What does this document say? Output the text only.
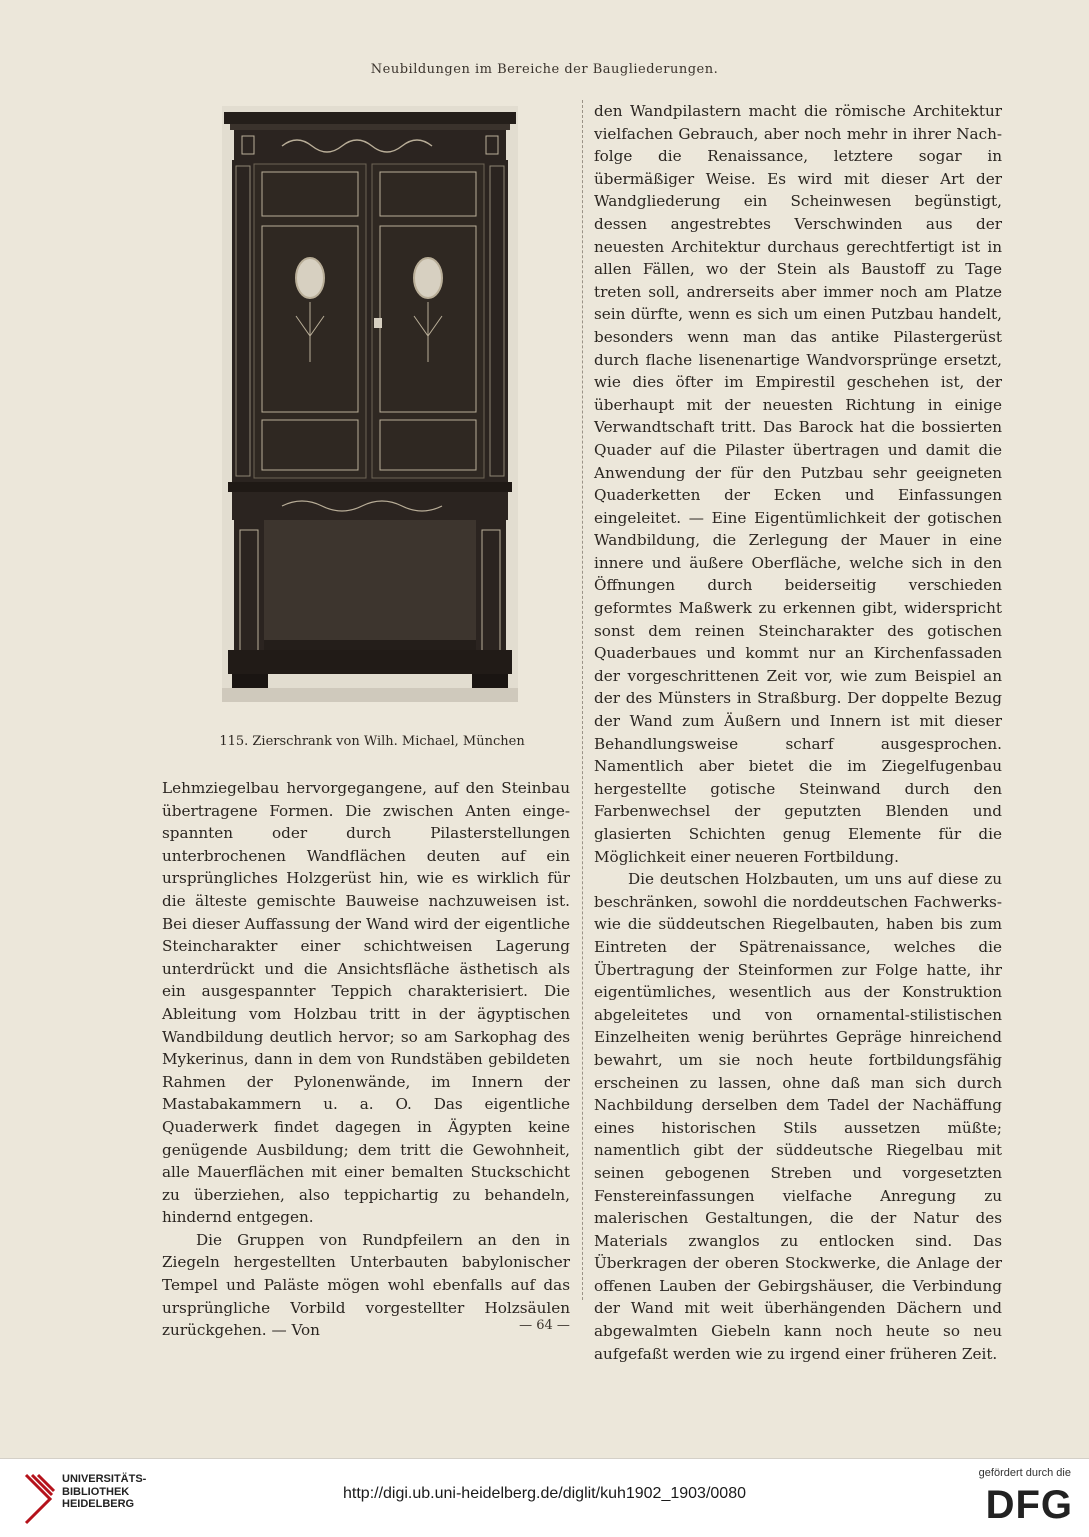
Neubildungen im Bereiche der Baugliederungen.
115. Zierschrank von Wilh. Michael, München

Lehmziegelbau hervorgegangene, auf den Steinbau übertragene Formen. Die zwischen Anten eingespannten oder durch Pilasterstellungen unterbrochenen Wandflächen deuten auf ein ursprüngliches Holzgerüst hin, wie es wirklich für die älteste gemischte Bauweise nachzuweisen ist. Bei dieser Auffassung der Wand wird der eigentliche Steincharakter einer schichtweisen Lagerung unterdrückt und die Ansichtsfläche ästhetisch als ein ausgespannter Teppich charakterisiert. Die Ableitung vom Holzbau tritt in der ägyptischen Wandbildung deutlich hervor; so am Sarkophag des Mykerinus, dann in dem von Rundstäben gebildeten Rahmen der Pylonenwände, im Innern der Mastabakammern u. a. O. Das eigentliche Quaderwerk findet dagegen in Ägypten keine genügende Ausbildung; dem tritt die Gewohnheit, alle Mauerflächen mit einer bemalten Stuckschicht zu überziehen, also teppichartig zu behandeln, hindernd entgegen.

Die Gruppen von Rundpfeilern an den in Ziegeln hergestellten Unterbauten babylonischer Tempel und Paläste mögen wohl ebenfalls auf das ursprüngliche Vorbild vorgestellter Holzsäulen zurückgehen. — Von

den Wandpilastern macht die römische Architektur vielfachen Gebrauch, aber noch mehr in ihrer Nachfolge die Renaissance, letztere sogar in übermäßiger Weise. Es wird mit dieser Art der Wandgliederung ein Scheinwesen begünstigt, dessen angestrebtes Verschwinden aus der neuesten Architektur durchaus gerechtfertigt ist in allen Fällen, wo der Stein als Baustoff zu Tage treten soll, andrerseits aber immer noch am Platze sein dürfte, wenn es sich um einen Putzbau handelt, besonders wenn man das antike Pilastergerüst durch flache lisenenartige Wandvorsprünge ersetzt, wie dies öfter im Empirestil geschehen ist, der überhaupt mit der neuesten Richtung in einige Verwandtschaft tritt. Das Barock hat die bossierten Quader auf die Pilaster übertragen und damit die Anwendung der für den Putzbau sehr geeigneten Quaderketten der Ecken und Einfassungen eingeleitet. — Eine Eigentümlichkeit der gotischen Wandbildung, die Zerlegung der Mauer in eine innere und äußere Oberfläche, welche sich in den Öffnungen durch beiderseitig verschieden geformtes Maßwerk zu erkennen gibt, widerspricht sonst dem reinen Steincharakter des gotischen Quaderbaues und kommt nur an Kirchenfassaden der vorgeschrittenen Zeit vor, wie zum Beispiel an der des Münsters in Straßburg. Der doppelte Bezug der Wand zum Äußern und Innern ist mit dieser Behandlungsweise scharf ausgesprochen. Namentlich aber bietet die im Ziegelfugenbau hergestellte gotische Steinwand durch den Farbenwechsel der geputzten Blenden und glasierten Schichten genug Elemente für die Möglichkeit einer neueren Fortbildung.

Die deutschen Holzbauten, um uns auf diese zu beschränken, sowohl die norddeutschen Fachwerkswie die süddeutschen Riegelbauten, haben bis zum Eintreten der Spätrenaissance, welches die Übertragung der Steinformen zur Folge hatte, ihr eigentümliches, wesentlich aus der Konstruktion abgeleitetes und von ornamental-stilistischen Einzelheiten wenig berührtes Gepräge hinreichend bewahrt, um sie noch heute fortbildungsfähig erscheinen zu lassen, ohne daß man sich durch Nachbildung derselben dem Tadel der Nachäffung eines historischen Stils aussetzen müßte; namentlich gibt der süddeutsche Riegelbau mit seinen gebogenen Streben und vorgesetzten Fenstereinfassungen vielfache Anregung zu malerischen Gestaltungen, die der Natur des Materials zwanglos zu entlocken sind. Das Überkragen der oberen Stockwerke, die Anlage der offenen Lauben der Gebirgshäuser, die Verbindung der Wand mit weit überhängenden Dächern und abgewalmten Giebeln kann noch heute so neu aufgefaßt werden wie zu irgend einer früheren Zeit.

— 64 —
UNIVERSITÄTS-
BIBLIOTHEK
HEIDELBERG
http://digi.ub.uni-heidelberg.de/diglit/kuh1902_1903/0080
gefördert durch die
DFG
